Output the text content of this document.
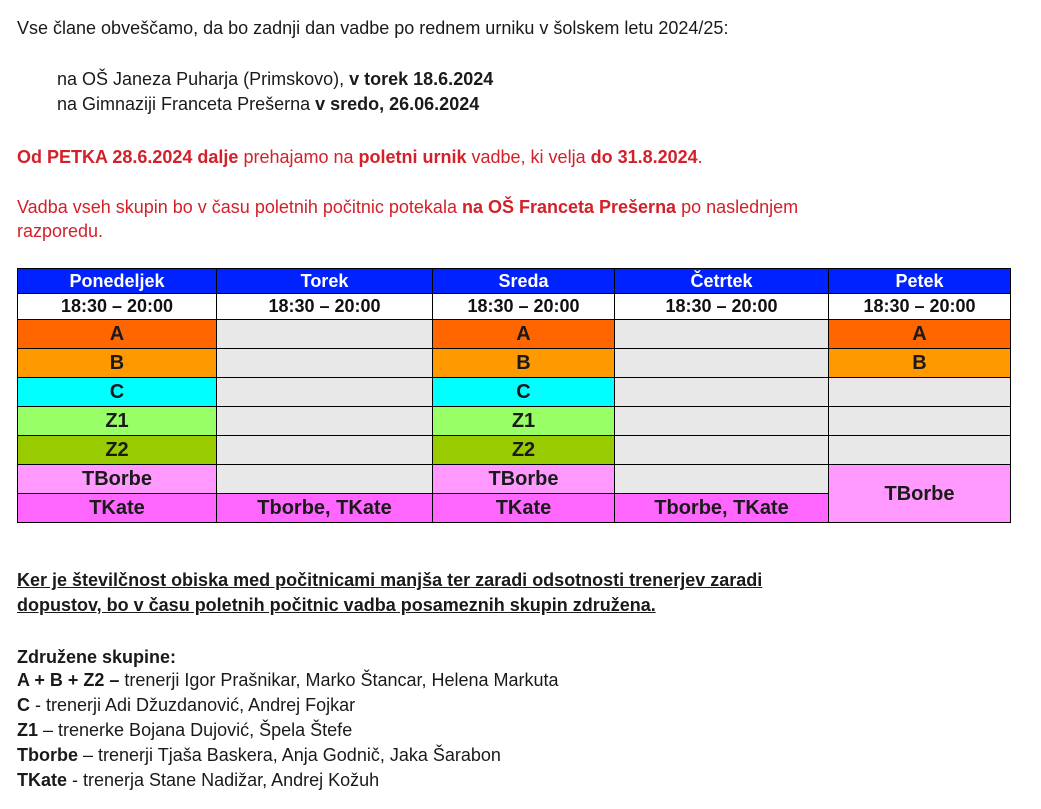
Vse člane obveščamo, da bo zadnji dan vadbe po rednem urniku v šolskem letu 2024/25:

na OŠ Janeza Puharja (Primskovo), v torek 18.6.2024

na Gimnaziji Franceta Prešerna v sredo, 26.06.2024

Od PETKA 28.6.2024 dalje prehajamo na poletni urnik vadbe, ki velja do 31.8.2024.

Vadba vseh skupin bo v času poletnih počitnic potekala na OŠ Franceta Prešerna po naslednjem

razporedu.

Ponedeljek	Torek	Sreda	Četrtek	Petek
18:30 – 20:00	18:30 – 20:00	18:30 – 20:00	18:30 – 20:00	18:30 – 20:00
A		A		A
B		B		B
C		C		
Z1		Z1		
Z2		Z2		
TBorbe		TBorbe		TBorbe
TKate	Tborbe, TKate	TKate	Tborbe, TKate	

Ker je številčnost obiska med počitnicami manjša ter zaradi odsotnosti trenerjev zaradi

dopustov, bo v času poletnih počitnic vadba posameznih skupin združena.

Združene skupine:

A + B + Z2 – trenerji Igor Prašnikar, Marko Štancar, Helena Markuta

C - trenerji Adi Džuzdanović, Andrej Fojkar

Z1 – trenerke Bojana Dujović, Špela Štefe

Tborbe – trenerji Tjaša Baskera, Anja Godnič, Jaka Šarabon

TKate - trenerja Stane Nadižar, Andrej Kožuh
